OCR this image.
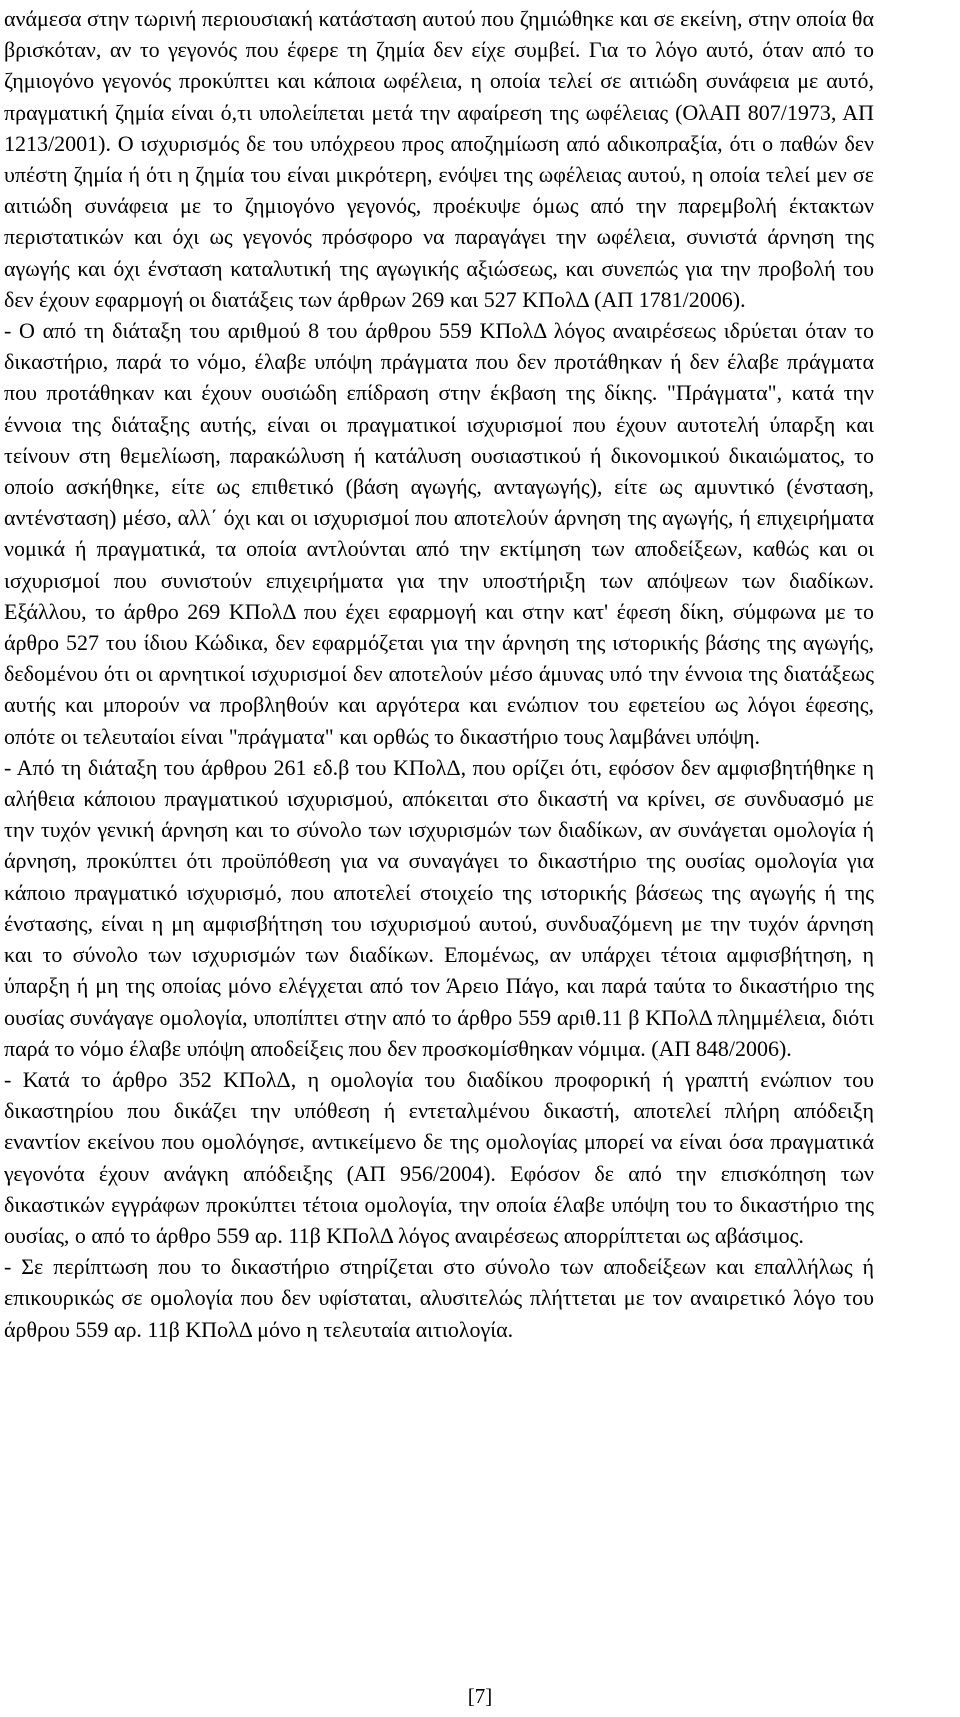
ανάμεσα στην τωρινή περιουσιακή κατάσταση αυτού που ζημιώθηκε και σε εκείνη, στην οποία θα βρισκόταν, αν το γεγονός που έφερε τη ζημία δεν είχε συμβεί. Για το λόγο αυτό, όταν από το ζημιογόνο γεγονός προκύπτει και κάποια ωφέλεια, η οποία τελεί σε αιτιώδη συνάφεια με αυτό, πραγματική ζημία είναι ό,τι υπολείπεται μετά την αφαίρεση της ωφέλειας (ΟλΑΠ 807/1973, ΑΠ 1213/2001). Ο ισχυρισμός δε του υπόχρεου προς αποζημίωση από αδικοπραξία, ότι ο παθών δεν υπέστη ζημία ή ότι η ζημία του είναι μικρότερη, ενόψει της ωφέλειας αυτού, η οποία τελεί μεν σε αιτιώδη συνάφεια με το ζημιογόνο γεγονός, προέκυψε όμως από την παρεμβολή έκτακτων περιστατικών και όχι ως γεγονός πρόσφορο να παραγάγει την ωφέλεια, συνιστά άρνηση της αγωγής και όχι ένσταση καταλυτική της αγωγικής αξιώσεως, και συνεπώς για την προβολή του δεν έχουν εφαρμογή οι διατάξεις των άρθρων 269 και 527 ΚΠολΔ (ΑΠ 1781/2006).

- Ο από τη διάταξη του αριθμού 8 του άρθρου 559 ΚΠολΔ λόγος αναιρέσεως ιδρύεται όταν το δικαστήριο, παρά το νόμο, έλαβε υπόψη πράγματα που δεν προτάθηκαν ή δεν έλαβε πράγματα που προτάθηκαν και έχουν ουσιώδη επίδραση στην έκβαση της δίκης. "Πράγματα", κατά την έννοια της διάταξης αυτής, είναι οι πραγματικοί ισχυρισμοί που έχουν αυτοτελή ύπαρξη και τείνουν στη θεμελίωση, παρακώλυση ή κατάλυση ουσιαστικού ή δικονομικού δικαιώματος, το οποίο ασκήθηκε, είτε ως επιθετικό (βάση αγωγής, ανταγωγής), είτε ως αμυντικό (ένσταση, αντένσταση) μέσο, αλλ΄ όχι και οι ισχυρισμοί που αποτελούν άρνηση της αγωγής, ή επιχειρήματα νομικά ή πραγματικά, τα οποία αντλούνται από την εκτίμηση των αποδείξεων, καθώς και οι ισχυρισμοί που συνιστούν επιχειρήματα για την υποστήριξη των απόψεων των διαδίκων. Εξάλλου, το άρθρο 269 ΚΠολΔ που έχει εφαρμογή και στην κατ' έφεση δίκη, σύμφωνα με το άρθρο 527 του ίδιου Κώδικα, δεν εφαρμόζεται για την άρνηση της ιστορικής βάσης της αγωγής, δεδομένου ότι οι αρνητικοί ισχυρισμοί δεν αποτελούν μέσο άμυνας υπό την έννοια της διατάξεως αυτής και μπορούν να προβληθούν και αργότερα και ενώπιον του εφετείου ως λόγοι έφεσης, οπότε οι τελευταίοι είναι "πράγματα" και ορθώς το δικαστήριο τους λαμβάνει υπόψη.

- Από τη διάταξη του άρθρου 261 εδ.β του ΚΠολΔ, που ορίζει ότι, εφόσον δεν αμφισβητήθηκε η αλήθεια κάποιου πραγματικού ισχυρισμού, απόκειται στο δικαστή να κρίνει, σε συνδυασμό με την τυχόν γενική άρνηση και το σύνολο των ισχυρισμών των διαδίκων, αν συνάγεται ομολογία ή άρνηση, προκύπτει ότι προϋπόθεση για να συναγάγει το δικαστήριο της ουσίας ομολογία για κάποιο πραγματικό ισχυρισμό, που αποτελεί στοιχείο της ιστορικής βάσεως της αγωγής ή της ένστασης, είναι η μη αμφισβήτηση του ισχυρισμού αυτού, συνδυαζόμενη με την τυχόν άρνηση και το σύνολο των ισχυρισμών των διαδίκων. Επομένως, αν υπάρχει τέτοια αμφισβήτηση, η ύπαρξη ή μη της οποίας μόνο ελέγχεται από τον Άρειο Πάγο, και παρά ταύτα το δικαστήριο της ουσίας συνάγαγε ομολογία, υποπίπτει στην από το άρθρο 559 αριθ.11 β ΚΠολΔ πλημμέλεια, διότι παρά το νόμο έλαβε υπόψη αποδείξεις που δεν προσκομίσθηκαν νόμιμα. (ΑΠ 848/2006).

- Κατά το άρθρο 352 ΚΠολΔ, η ομολογία του διαδίκου προφορική ή γραπτή ενώπιον του δικαστηρίου που δικάζει την υπόθεση ή εντεταλμένου δικαστή, αποτελεί πλήρη απόδειξη εναντίον εκείνου που ομολόγησε, αντικείμενο δε της ομολογίας μπορεί να είναι όσα πραγματικά γεγονότα έχουν ανάγκη απόδειξης (ΑΠ 956/2004). Εφόσον δε από την επισκόπηση των δικαστικών εγγράφων προκύπτει τέτοια ομολογία, την οποία έλαβε υπόψη του το δικαστήριο της ουσίας, ο από το άρθρο 559 αρ. 11β ΚΠολΔ λόγος αναιρέσεως απορρίπτεται ως αβάσιμος.

- Σε περίπτωση που το δικαστήριο στηρίζεται στο σύνολο των αποδείξεων και επαλλήλως ή επικουρικώς σε ομολογία που δεν υφίσταται, αλυσιτελώς πλήττεται με τον αναιρετικό λόγο του άρθρου 559 αρ. 11β ΚΠολΔ μόνο η τελευταία αιτιολογία.

[7]
